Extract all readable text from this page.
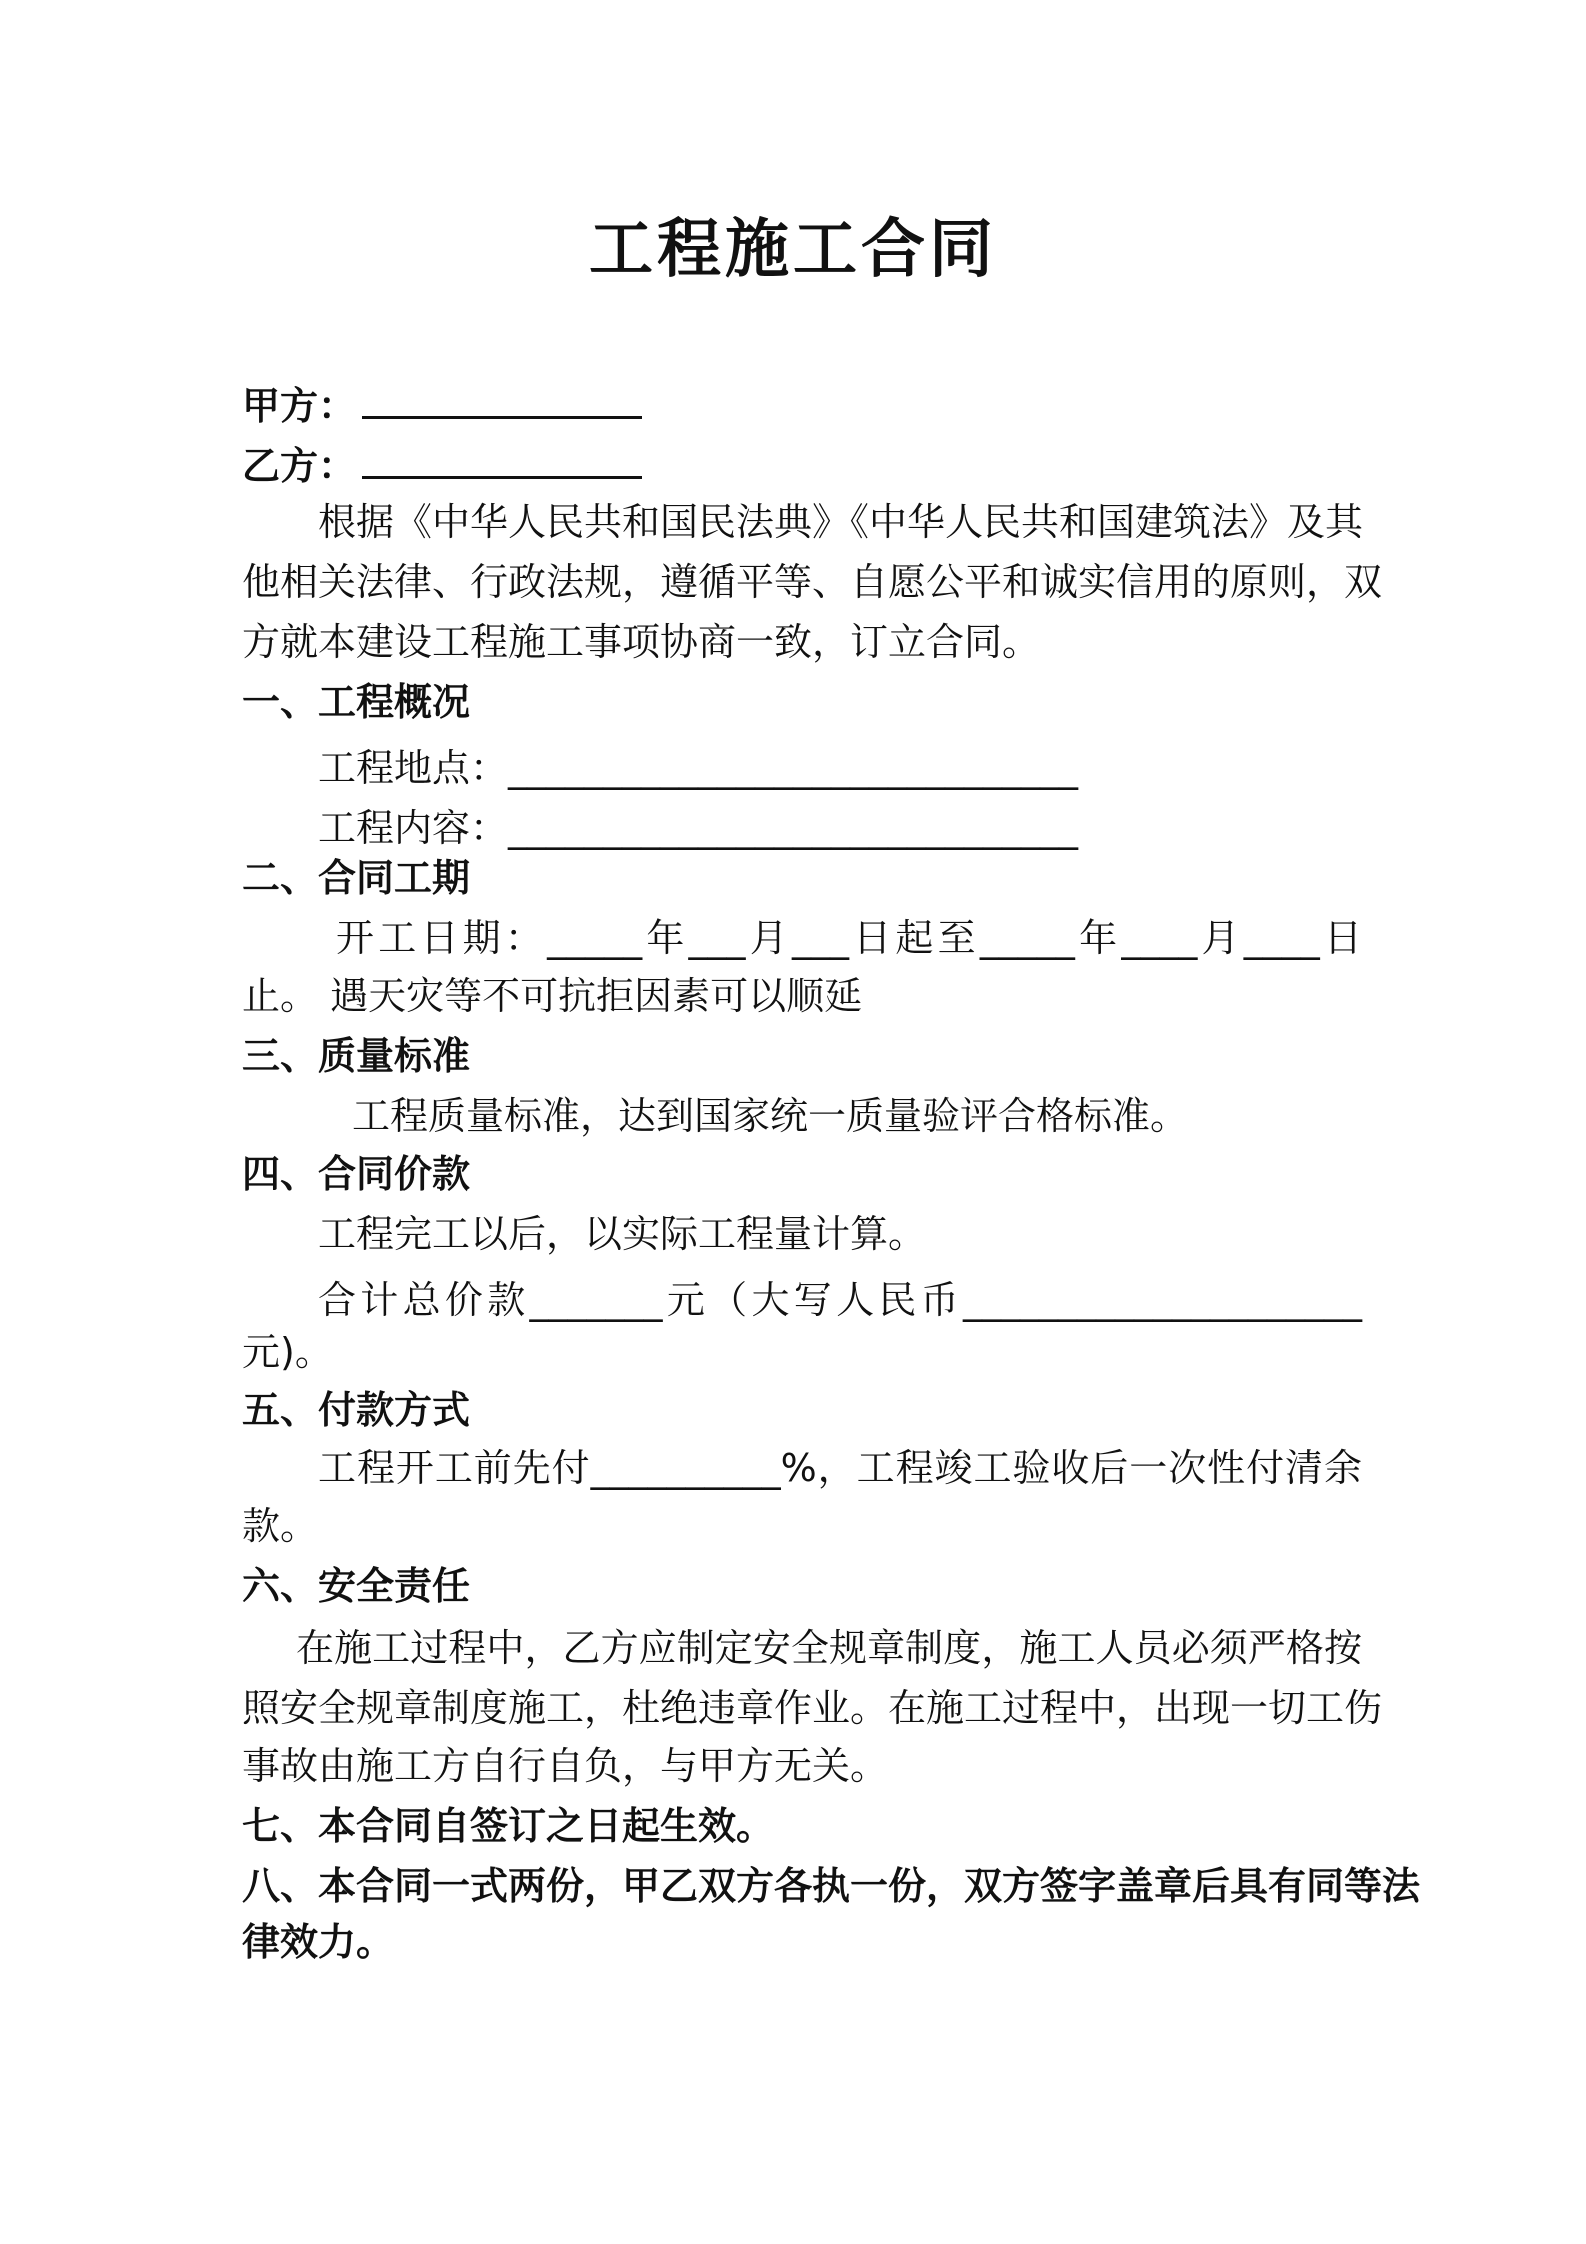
工程施工合同
甲方：
乙方：
根据《中华人民共和国民法典》《中华人民共和国建筑法》及其
他相关法律、行政法规，遵循平等、自愿公平和诚实信用的原则，双
方就本建设工程施工事项协商一致，订立合同。
一、工程概况
工程地点：______________________________
工程内容：______________________________
二、合同工期
开工日期：_____年___月___日起至_____年____月____日
止。 遇天灾等不可抗拒因素可以顺延
三、质量标准
工程质量标准，达到国家统一质量验评合格标准。
四、合同价款
工程完工以后，以实际工程量计算。
合计总价款_______元（大写人民币_____________________
元)。
五、付款方式
工程开工前先付__________%，工程竣工验收后一次性付清余
款。
六、安全责任
在施工过程中，乙方应制定安全规章制度，施工人员必须严格按
照安全规章制度施工，杜绝违章作业。在施工过程中，出现一切工伤
事故由施工方自行自负，与甲方无关。
七、本合同自签订之日起生效。
八、本合同一式两份，甲乙双方各执一份，双方签字盖章后具有同等法
律效力。
